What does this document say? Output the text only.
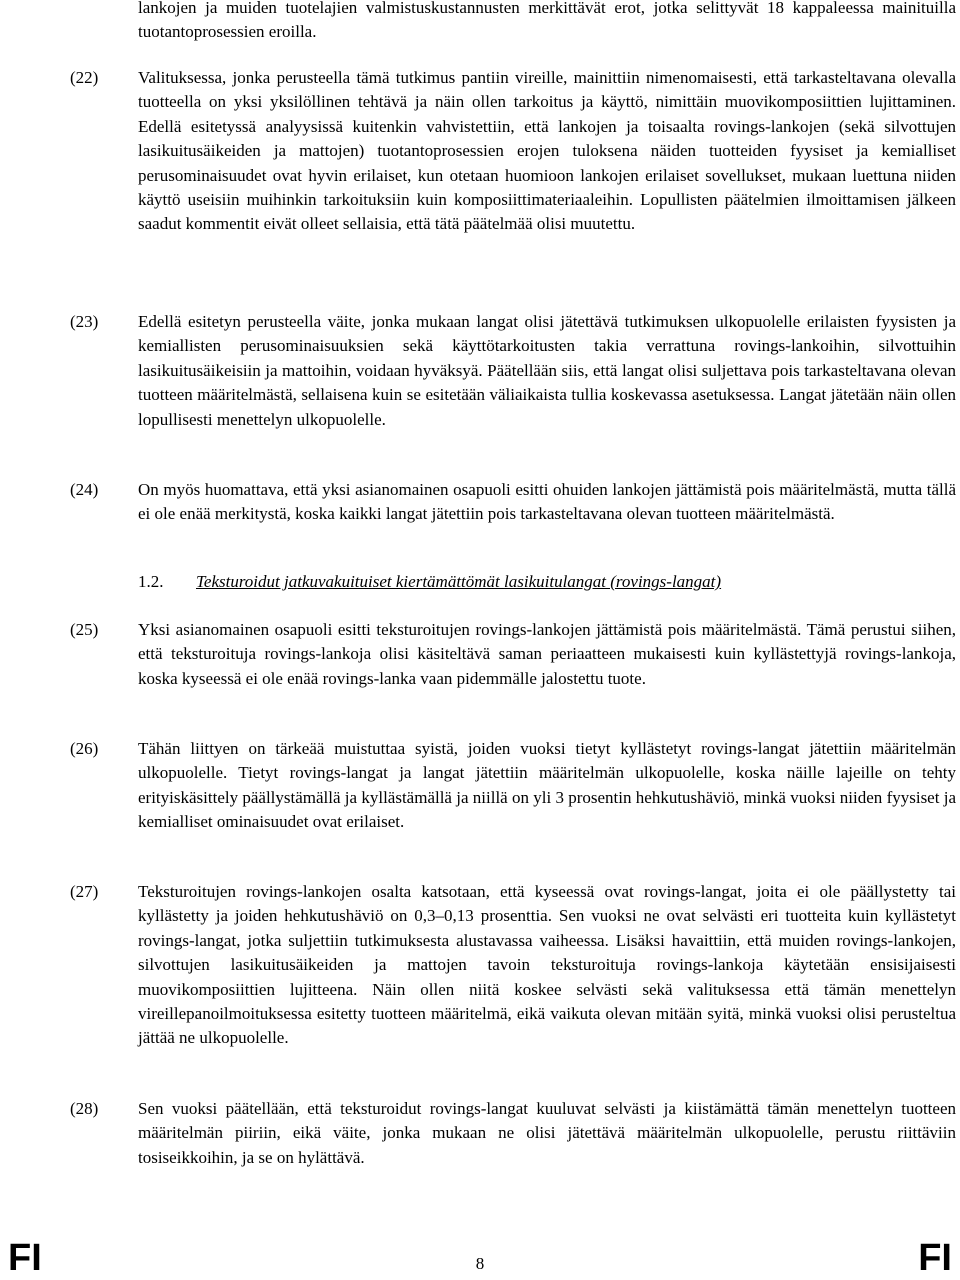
lankojen ja muiden tuotelajien valmistuskustannusten merkittävät erot, jotka selittyvät 18 kappaleessa mainituilla tuotantoprosessien eroilla.

(22) Valituksessa, jonka perusteella tämä tutkimus pantiin vireille, mainittiin nimenomaisesti, että tarkasteltavana olevalla tuotteella on yksi yksilöllinen tehtävä ja näin ollen tarkoitus ja käyttö, nimittäin muovikomposiittien lujittaminen. Edellä esitetyssä analyysissä kuitenkin vahvistettiin, että lankojen ja toisaalta rovings-lankojen (sekä silvottujen lasikuitusäikeiden ja mattojen) tuotantoprosessien erojen tuloksena näiden tuotteiden fyysiset ja kemialliset perusominaisuudet ovat hyvin erilaiset, kun otetaan huomioon lankojen erilaiset sovellukset, mukaan luettuna niiden käyttö useisiin muihinkin tarkoituksiin kuin komposiittimateriaaleihin. Lopullisten päätelmien ilmoittamisen jälkeen saadut kommentit eivät olleet sellaisia, että tätä päätelmää olisi muutettu.

(23) Edellä esitetyn perusteella väite, jonka mukaan langat olisi jätettävä tutkimuksen ulkopuolelle erilaisten fyysisten ja kemiallisten perusominaisuuksien sekä käyttötarkoitusten takia verrattuna rovings-lankoihin, silvottuihin lasikuitusäikeisiin ja mattoihin, voidaan hyväksyä. Päätellään siis, että langat olisi suljettava pois tarkasteltavana olevan tuotteen määritelmästä, sellaisena kuin se esitetään väliaikaista tullia koskevassa asetuksessa. Langat jätetään näin ollen lopullisesti menettelyn ulkopuolelle.

(24) On myös huomattava, että yksi asianomainen osapuoli esitti ohuiden lankojen jättämistä pois määritelmästä, mutta tällä ei ole enää merkitystä, koska kaikki langat jätettiin pois tarkasteltavana olevan tuotteen määritelmästä.

1.2. Teksturoidut jatkuvakuituiset kiertämättömät lasikuitulangat (rovings-langat)
(25) Yksi asianomainen osapuoli esitti teksturoitujen rovings-lankojen jättämistä pois määritelmästä. Tämä perustui siihen, että teksturoituja rovings-lankoja olisi käsiteltävä saman periaatteen mukaisesti kuin kyllästettyjä rovings-lankoja, koska kyseessä ei ole enää rovings-lanka vaan pidemmälle jalostettu tuote.

(26) Tähän liittyen on tärkeää muistuttaa syistä, joiden vuoksi tietyt kyllästetyt rovings-langat jätettiin määritelmän ulkopuolelle. Tietyt rovings-langat ja langat jätettiin määritelmän ulkopuolelle, koska näille lajeille on tehty erityiskäsittely päällystämällä ja kyllästämällä ja niillä on yli 3 prosentin hehkutushäviö, minkä vuoksi niiden fyysiset ja kemialliset ominaisuudet ovat erilaiset.

(27) Teksturoitujen rovings-lankojen osalta katsotaan, että kyseessä ovat rovings-langat, joita ei ole päällystetty tai kyllästetty ja joiden hehkutushäviö on 0,3–0,13 prosenttia. Sen vuoksi ne ovat selvästi eri tuotteita kuin kyllästetyt rovings-langat, jotka suljettiin tutkimuksesta alustavassa vaiheessa. Lisäksi havaittiin, että muiden rovings-lankojen, silvottujen lasikuitusäikeiden ja mattojen tavoin teksturoituja rovings-lankoja käytetään ensisijaisesti muovikomposiittien lujitteena. Näin ollen niitä koskee selvästi sekä valituksessa että tämän menettelyn vireillepanoilmoituksessa esitetty tuotteen määritelmä, eikä vaikuta olevan mitään syitä, minkä vuoksi olisi perusteltua jättää ne ulkopuolelle.

(28) Sen vuoksi päätellään, että teksturoidut rovings-langat kuuluvat selvästi ja kiistämättä tämän menettelyn tuotteen määritelmän piiriin, eikä väite, jonka mukaan ne olisi jätettävä määritelmän ulkopuolelle, perustu riittäviin tosiseikkoihin, ja se on hylättävä.

FI	8	FI
